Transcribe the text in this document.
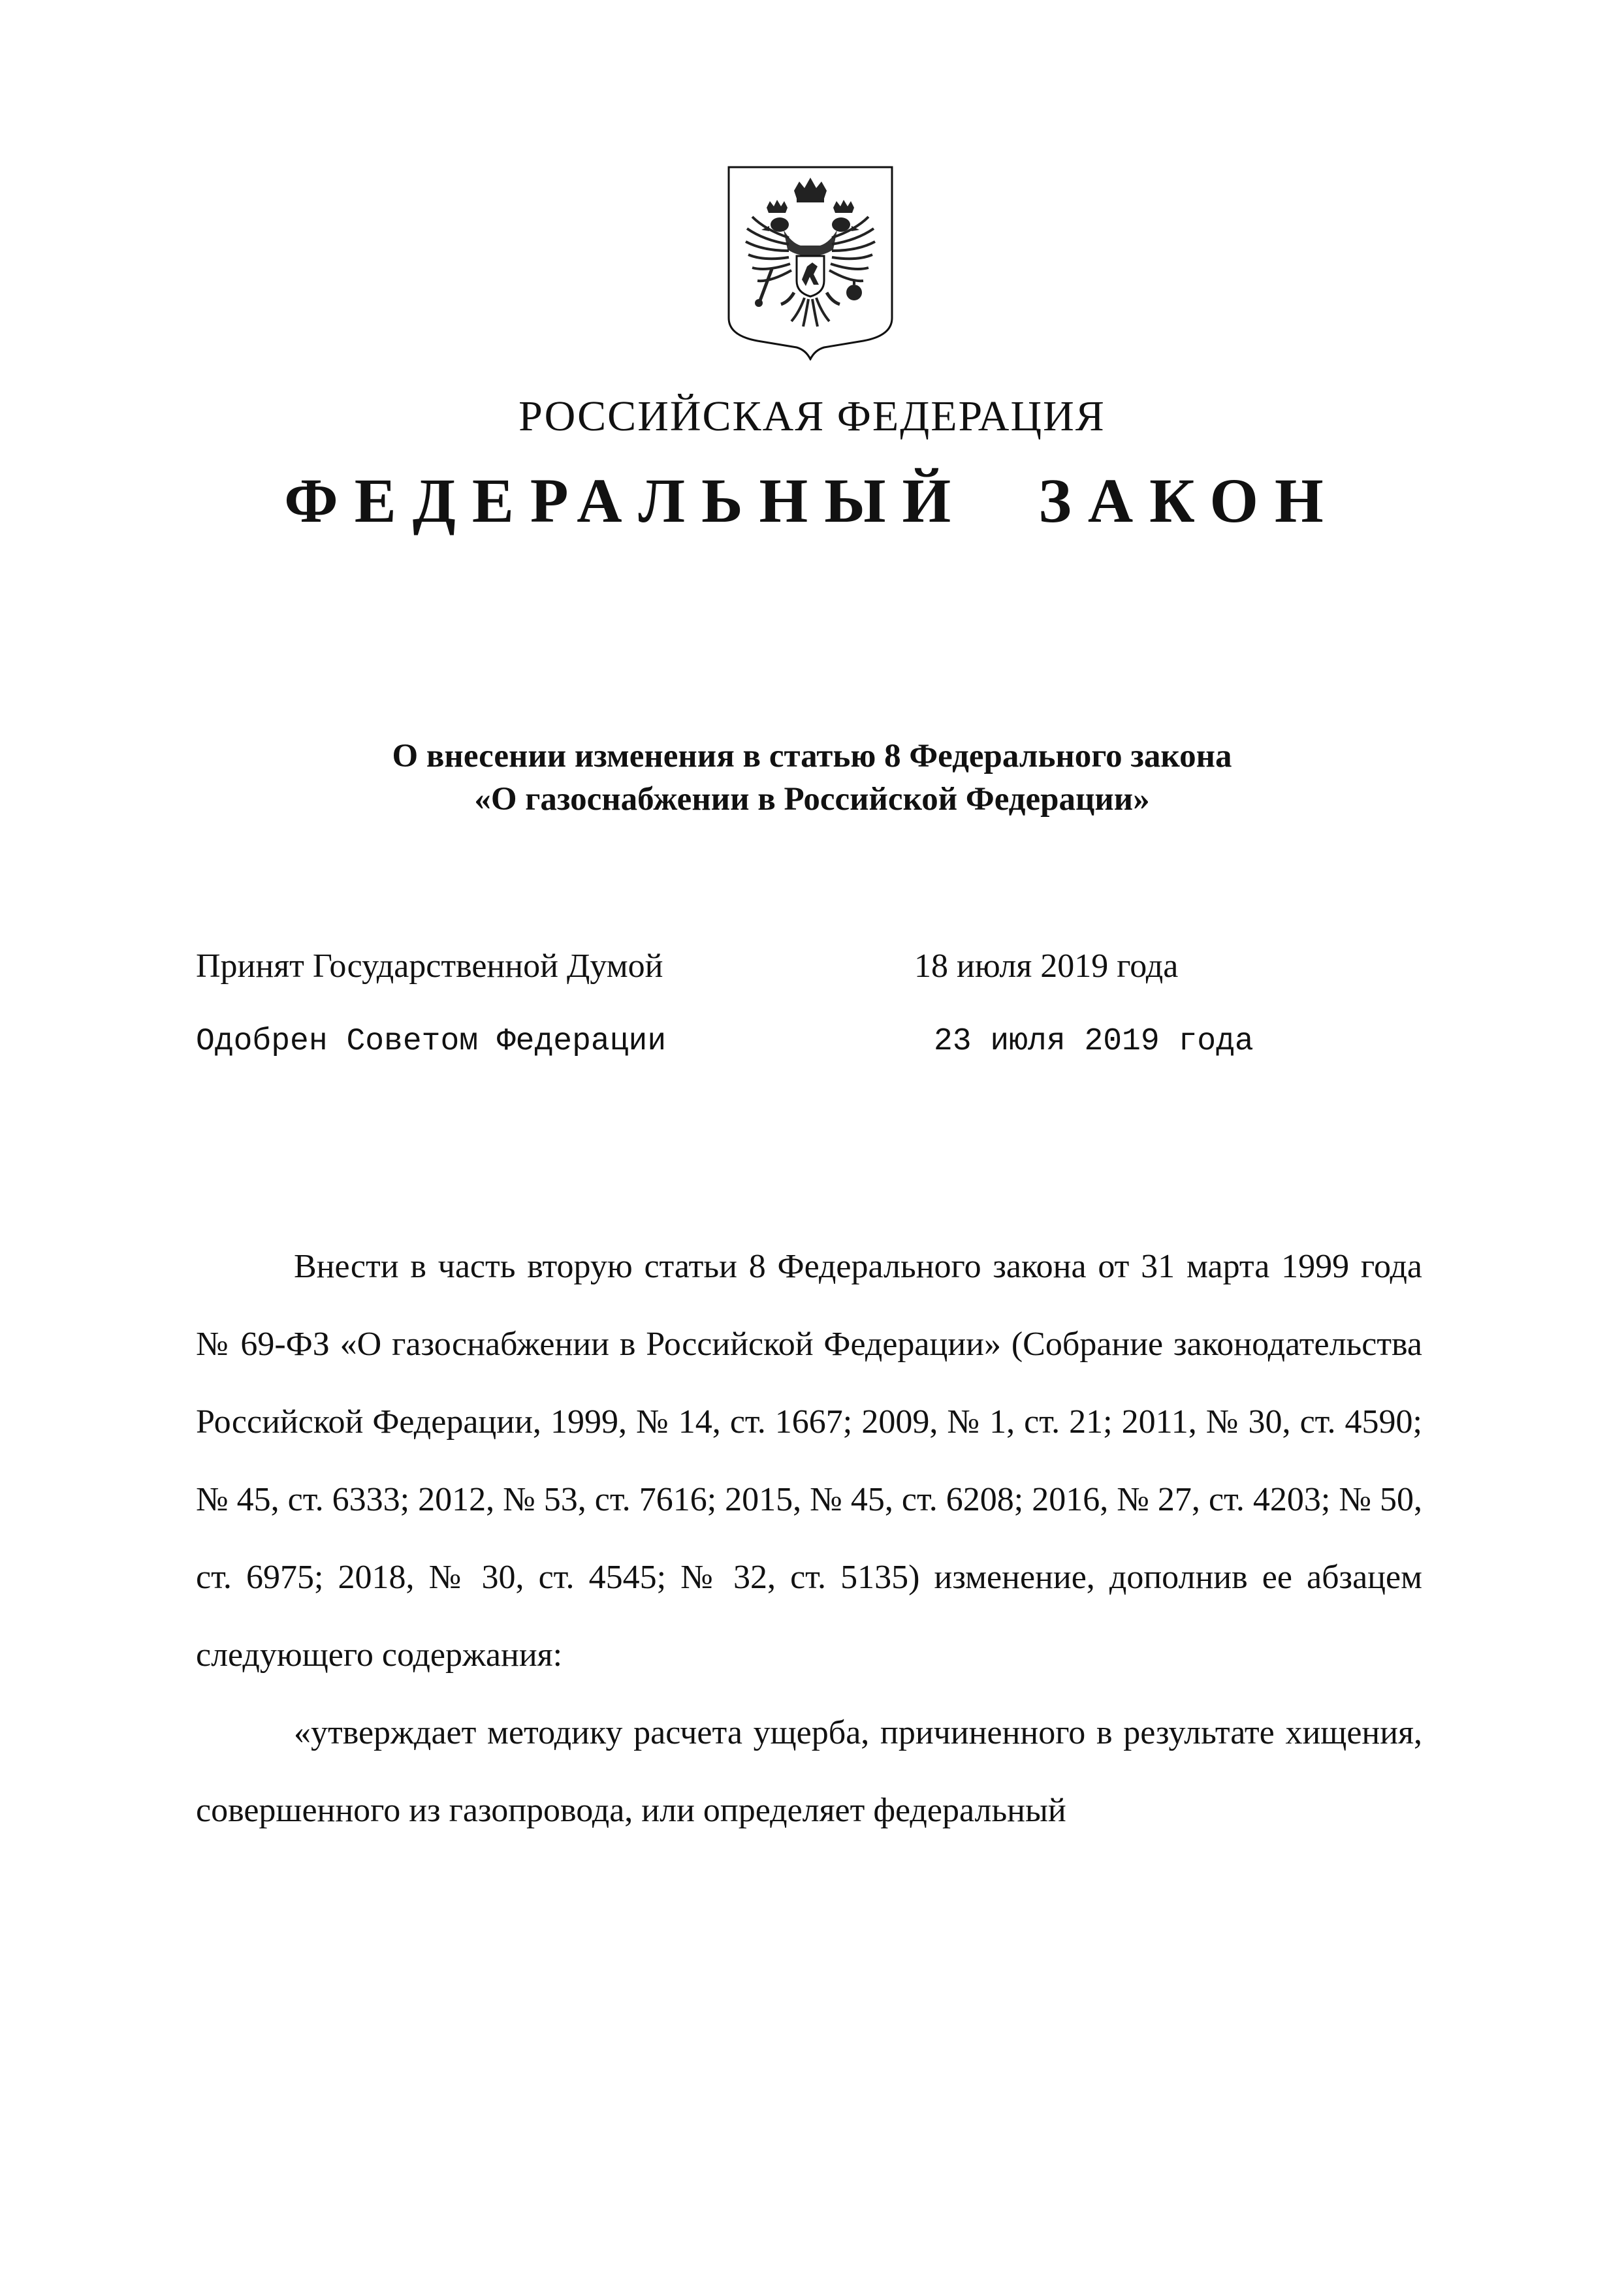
РОССИЙСКАЯ ФЕДЕРАЦИЯ
ФЕДЕРАЛЬНЫЙ ЗАКОН
О внесении изменения в статью 8 Федерального закона
«О газоснабжении в Российской Федерации»
Принят Государственной Думой	18 июля 2019 года
Одобрен Советом Федерации	23 июля 2019 года

Внести в часть вторую статьи 8 Федерального закона от 31 марта 1999 года № 69-ФЗ «О газоснабжении в Российской Федерации» (Собрание законодательства Российской Федерации, 1999, № 14, ст. 1667; 2009, № 1, ст. 21; 2011, № 30, ст. 4590; № 45, ст. 6333; 2012, № 53, ст. 7616; 2015, № 45, ст. 6208; 2016, № 27, ст. 4203; № 50, ст. 6975; 2018, № 30, ст. 4545; № 32, ст. 5135) изменение, дополнив ее абзацем следующего содержания:

«утверждает методику расчета ущерба, причиненного в результате хищения, совершенного из газопровода, или определяет федеральный
